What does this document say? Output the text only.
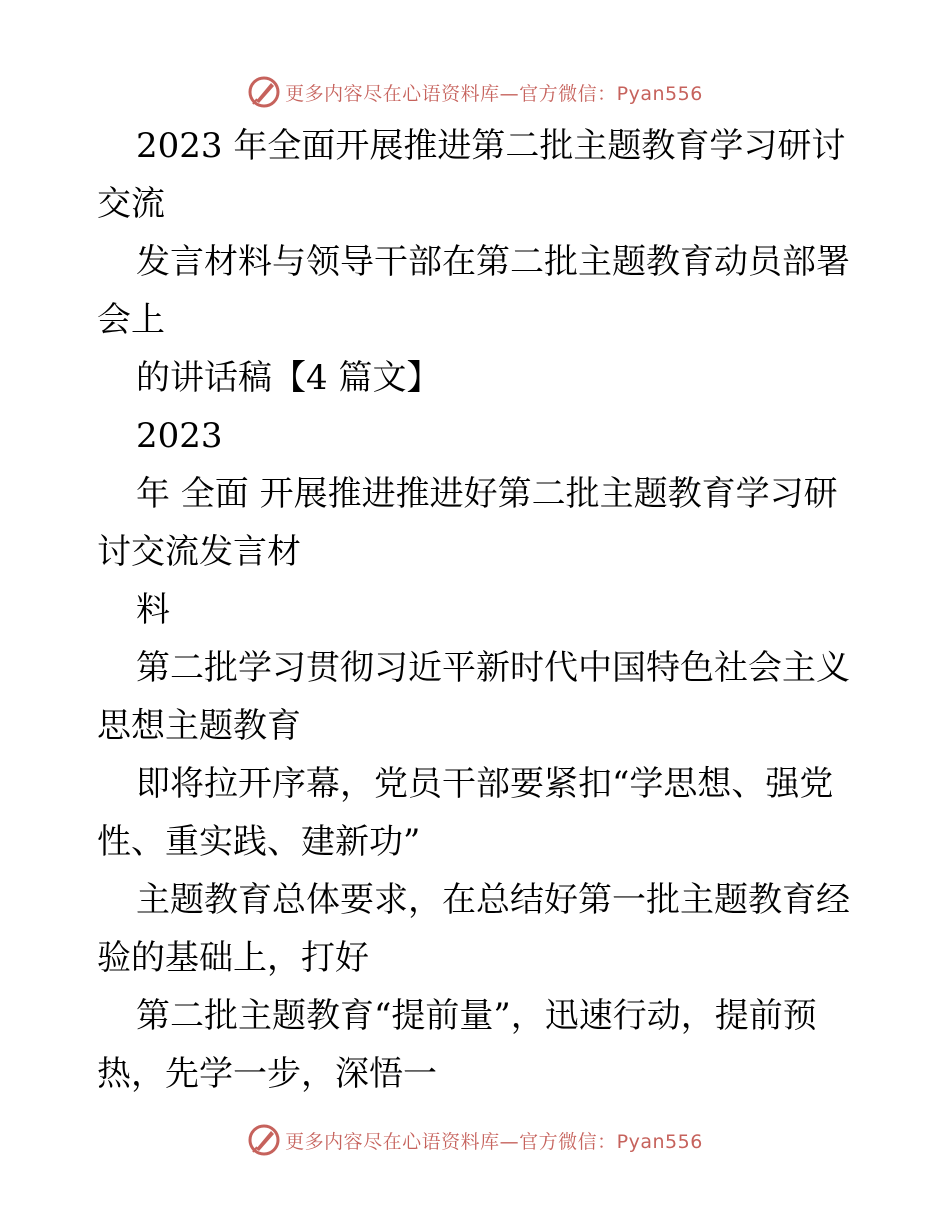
更多内容尽在心语资料库—官方微信：Pyan556

2023 年全面开展推进第二批主题教育学习研讨交流

发言材料与领导干部在第二批主题教育动员部署会上

的讲话稿【4 篇文】

2023

年 全面 开展推进推进好第二批主题教育学习研讨交流发言材

料

第二批学习贯彻习近平新时代中国特色社会主义思想主题教育

即将拉开序幕，党员干部要紧扣“学思想、强党性、重实践、建新功”

主题教育总体要求，在总结好第一批主题教育经验的基础上，打好

第二批主题教育“提前量”，迅速行动，提前预热，先学一步，深悟一

更多内容尽在心语资料库—官方微信：Pyan556
